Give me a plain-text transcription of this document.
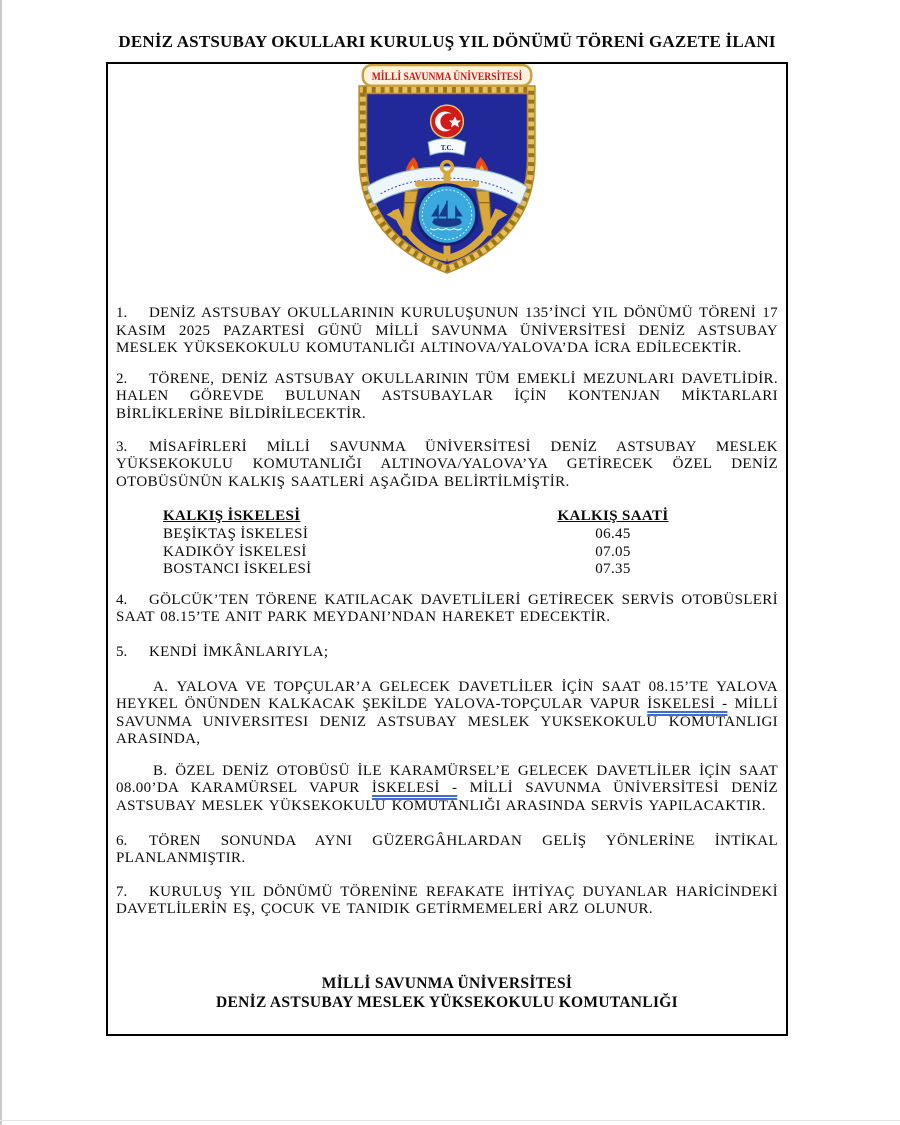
DENİZ ASTSUBAY OKULLARI KURULUŞ YIL DÖNÜMÜ TÖRENİ GAZETE İLANI
T.C.
MİLLİ SAVUNMA ÜNİVERSİTESİ

1. DENİZ ASTSUBAY OKULLARININ KURULUŞUNUN 135’İNCİ YIL DÖNÜMÜ TÖRENİ 17 KASIM 2025 PAZARTESİ GÜNÜ MİLLİ SAVUNMA ÜNİVERSİTESİ DENİZ ASTSUBAY MESLEK YÜKSEKOKULU KOMUTANLIĞI ALTINOVA/YALOVA’DA İCRA EDİLECEKTİR.

2. TÖRENE, DENİZ ASTSUBAY OKULLARININ TÜM EMEKLİ MEZUNLARI DAVETLİDİR. HALEN GÖREVDE BULUNAN ASTSUBAYLAR İÇİN KONTENJAN MİKTARLARI BİRLİKLERİNE BİLDİRİLECEKTİR.

3. MİSAFİRLERİ MİLLİ SAVUNMA ÜNİVERSİTESİ DENİZ ASTSUBAY MESLEK YÜKSEKOKULU KOMUTANLIĞI ALTINOVA/YALOVA’YA GETİRECEK ÖZEL DENİZ OTOBÜSÜNÜN KALKIŞ SAATLERİ AŞAĞIDA BELİRTİLMİŞTİR.

KALKIŞ İSKELESİ	KALKIŞ SAATİ
BEŞİKTAŞ İSKELESİ	06.45
KADIKÖY İSKELESİ	07.05
BOSTANCI İSKELESİ	07.35

4. GÖLCÜK’TEN TÖRENE KATILACAK DAVETLİLERİ GETİRECEK SERVİS OTOBÜSLERİ SAAT 08.15’TE ANIT PARK MEYDANI’NDAN HAREKET EDECEKTİR.

5. KENDİ İMKÂNLARIYLA;

A. YALOVA VE TOPÇULAR’A GELECEK DAVETLİLER İÇİN SAAT 08.15’TE YALOVA HEYKEL ÖNÜNDEN KALKACAK ŞEKİLDE YALOVA-TOPÇULAR VAPUR İSKELESİ - MİLLİ SAVUNMA UNIVERSITESI DENIZ ASTSUBAY MESLEK YUKSEKOKULU KOMUTANLIGI ARASINDA,

B. ÖZEL DENİZ OTOBÜSÜ İLE KARAMÜRSEL’E GELECEK DAVETLİLER İÇİN SAAT 08.00’DA KARAMÜRSEL VAPUR İSKELESİ - MİLLİ SAVUNMA ÜNİVERSİTESİ DENİZ ASTSUBAY MESLEK YÜKSEKOKULU KOMUTANLIĞI ARASINDA SERVİS YAPILACAKTIR.

6. TÖREN SONUNDA AYNI GÜZERGÂHLARDAN GELİŞ YÖNLERİNE İNTİKAL PLANLANMIŞTIR.

7. KURULUŞ YIL DÖNÜMÜ TÖRENİNE REFAKATE İHTİYAÇ DUYANLAR HARİCİNDEKİ DAVETLİLERİN EŞ, ÇOCUK VE TANIDIK GETİRMEMELERİ ARZ OLUNUR.

MİLLİ SAVUNMA ÜNİVERSİTESİ
DENİZ ASTSUBAY MESLEK YÜKSEKOKULU KOMUTANLIĞI
